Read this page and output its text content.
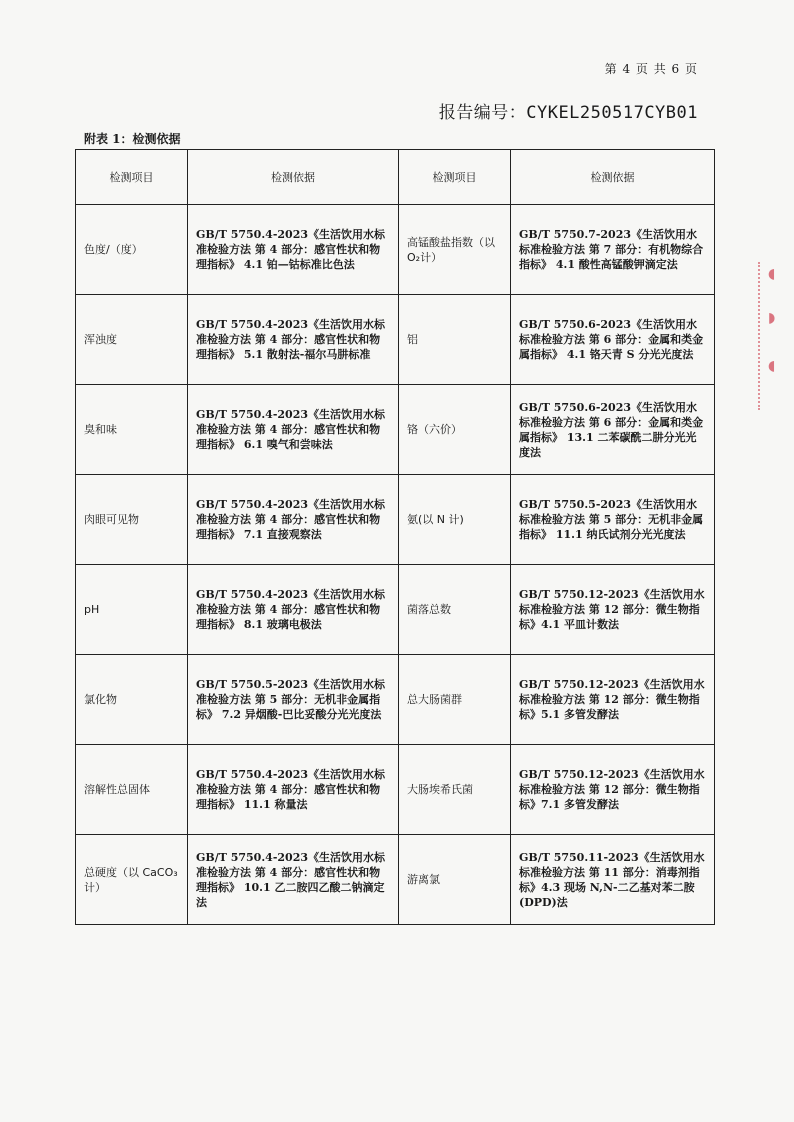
第 4 页 共 6 页
报告编号：CYKEL250517CYB01
附表 1：检测依据
检测项目	检测依据	检测项目	检测依据
色度/（度）	GB/T 5750.4-2023《生活饮用水标准检验方法 第 4 部分：感官性状和物理指标》 4.1 铂—钴标准比色法	高锰酸盐指数（以O₂计）	GB/T 5750.7-2023《生活饮用水标准检验方法 第 7 部分：有机物综合指标》 4.1 酸性高锰酸钾滴定法
浑浊度	GB/T 5750.4-2023《生活饮用水标准检验方法 第 4 部分：感官性状和物理指标》 5.1 散射法-福尔马肼标准	铝	GB/T 5750.6-2023《生活饮用水标准检验方法 第 6 部分：金属和类金属指标》 4.1 铬天青 S 分光光度法
臭和味	GB/T 5750.4-2023《生活饮用水标准检验方法 第 4 部分：感官性状和物理指标》 6.1 嗅气和尝味法	铬（六价）	GB/T 5750.6-2023《生活饮用水标准检验方法 第 6 部分：金属和类金属指标》 13.1 二苯碳酰二肼分光光度法
肉眼可见物	GB/T 5750.4-2023《生活饮用水标准检验方法 第 4 部分：感官性状和物理指标》 7.1 直接观察法	氨(以 N 计)	GB/T 5750.5-2023《生活饮用水标准检验方法 第 5 部分：无机非金属指标》 11.1 纳氏试剂分光光度法
pH	GB/T 5750.4-2023《生活饮用水标准检验方法 第 4 部分：感官性状和物理指标》 8.1 玻璃电极法	菌落总数	GB/T 5750.12-2023《生活饮用水标准检验方法 第 12 部分：微生物指标》4.1 平皿计数法
氯化物	GB/T 5750.5-2023《生活饮用水标准检验方法 第 5 部分：无机非金属指标》 7.2 异烟酸-巴比妥酸分光光度法	总大肠菌群	GB/T 5750.12-2023《生活饮用水标准检验方法 第 12 部分：微生物指标》5.1 多管发酵法
溶解性总固体	GB/T 5750.4-2023《生活饮用水标准检验方法 第 4 部分：感官性状和物理指标》 11.1 称量法	大肠埃希氏菌	GB/T 5750.12-2023《生活饮用水标准检验方法 第 12 部分：微生物指标》7.1 多管发酵法
总硬度（以 CaCO₃计）	GB/T 5750.4-2023《生活饮用水标准检验方法 第 4 部分：感官性状和物理指标》 10.1 乙二胺四乙酸二钠滴定法	游离氯	GB/T 5750.11-2023《生活饮用水标准检验方法 第 11 部分：消毒剂指标》4.3 现场 N,N-二乙基对苯二胺(DPD)法
◖
◗
◖
